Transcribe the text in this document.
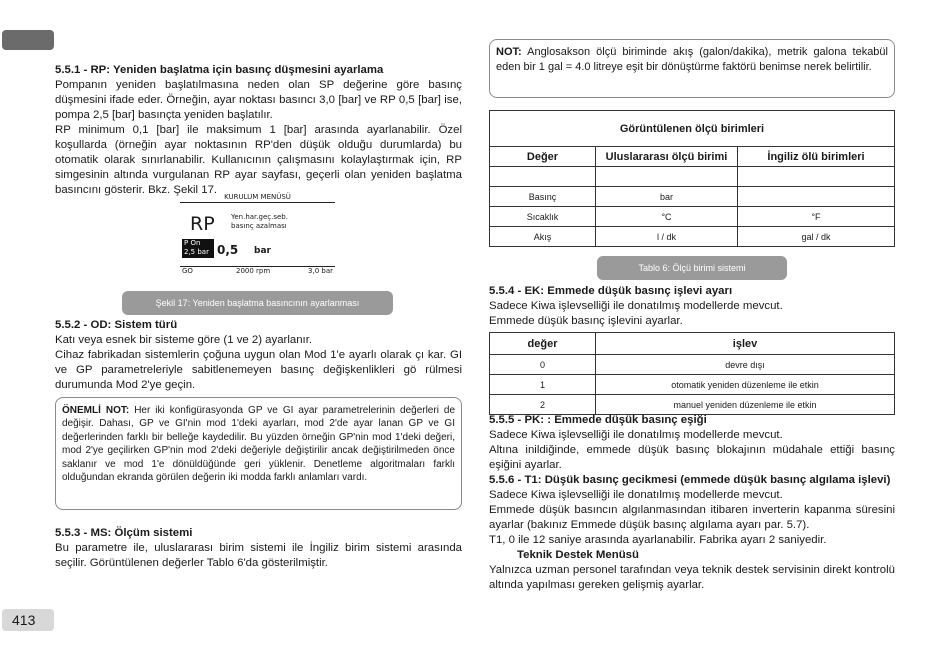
413

5.5.1 - RP: Yeniden başlatma için basınç düşmesini ayarlama

Pompanın yeniden başlatılmasına neden olan SP değerine göre basınç düşmesini ifade eder. Örneğin, ayar noktası basıncı 3,0 [bar] ve RP 0,5 [bar] ise, pompa 2,5 [bar] basınçta yeniden başlatılır.

RP minimum 0,1 [bar] ile maksimum 1 [bar] arasında ayarlanabilir. Özel koşullarda (örneğin ayar noktasının RP'den düşük olduğu durumlarda) bu otomatik olarak sınırlanabilir. Kullanıcının çalışmasını kolaylaştırmak için, RP simgesinin altında vurgulanan RP ayar sayfası, geçerli olan yeniden başlatma basıncını gösterir. Bkz. Şekil 17.

KURULUM MENÜSÜ
RP Yen.har.geç.seb.
basınç azalması
P On
2,5 bar 0,5 bar
GO	2000 rpm	3,0 bar
Şekil 17: Yeniden başlatma basıncının ayarlanması

5.5.2 - OD: Sistem türü

Katı veya esnek bir sisteme göre (1 ve 2) ayarlanır.

Cihaz fabrikadan sistemlerin çoğuna uygun olan Mod 1'e ayarlı olarak çı kar. GI ve GP parametreleriyle sabitlenemeyen basınç değişkenlikleri gö rülmesi durumunda Mod 2'ye geçin.

ÖNEMLİ NOT: Her iki konfigürasyonda GP ve GI ayar parametrelerinin değerleri de değişir. Dahası, GP ve GI'nin mod 1'deki ayarları, mod 2'de ayar lanan GP ve GI değerlerinden farklı bir belleğe kaydedilir. Bu yüzden örneğin GP'nin mod 1'deki değeri, mod 2'ye geçilirken GP'nin mod 2'deki değeriyle değiştirilir ancak değiştirilmeden önce saklanır ve mod 1'e dönüldüğünde geri yüklenir. Denetleme algoritmaları farklı olduğundan ekranda görülen değerin iki modda farklı anlamları vardı.

5.5.3 - MS: Ölçüm sistemi

Bu parametre ile, uluslararası birim sistemi ile İngiliz birim sistemi arasında seçilir. Görüntülenen değerler Tablo 6'da gösterilmiştir.

NOT: Anglosakson ölçü biriminde akış (galon/dakika), metrik galona tekabül eden bir 1 gal = 4.0 litreye eşit bir dönüştürme faktörü benimse nerek belirtilir.

Görüntülenen ölçü birimleri		
Değer	Uluslararası ölçü birimi	İngiliz ölü birimleri

Basınç	bar	
Sıcaklık	°C	°F
Akış	l / dk	gal / dk
Tablo 6: Ölçü birimi sistemi

5.5.4 - EK: Emmede düşük basınç işlevi ayarı

Sadece Kiwa işlevselliği ile donatılmış modellerde mevcut.

Emmede düşük basınç işlevini ayarlar.

değer	işlev
0	devre dışı
1	otomatik yeniden düzenleme ile etkin
2	manuel yeniden düzenleme ile etkin

5.5.5 - PK: : Emmede düşük basınç eşiği

Sadece Kiwa işlevselliği ile donatılmış modellerde mevcut.

Altına inildiğinde, emmede düşük basınç blokajının müdahale ettiği basınç eşiğini ayarlar.

5.5.6 - T1: Düşük basınç gecikmesi (emmede düşük basınç algılama işlevi)

Sadece Kiwa işlevselliği ile donatılmış modellerde mevcut.

Emmede düşük basıncın algılanmasından itibaren inverterin kapanma süresini ayarlar (bakınız Emmede düşük basınç algılama ayarı par. 5.7).

T1, 0 ile 12 saniye arasında ayarlanabilir. Fabrika ayarı 2 saniyedir.

Teknik Destek Menüsü

Yalnızca uzman personel tarafından veya teknik destek servisinin direkt kontrolü altında yapılması gereken gelişmiş ayarlar.
